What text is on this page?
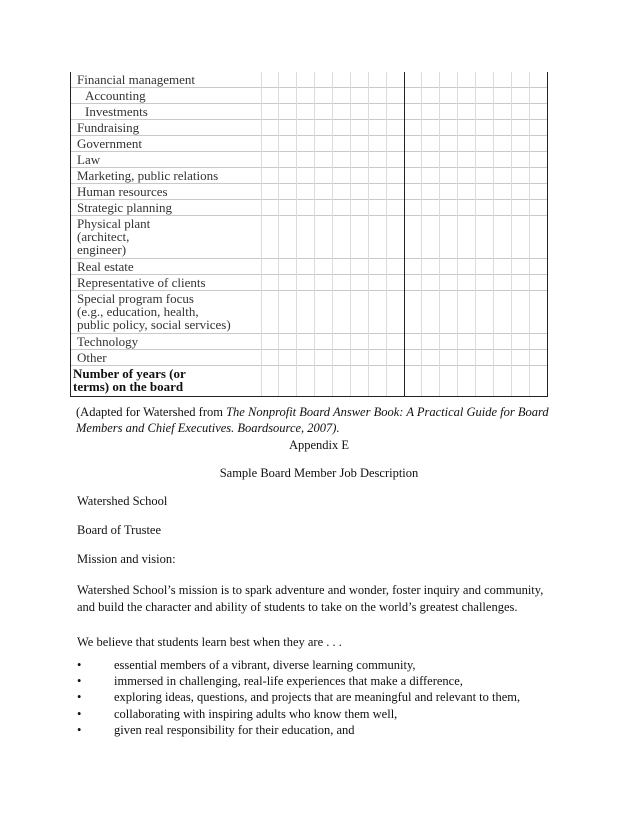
Financial management																
Accounting																
Investments																
Fundraising																
Government																
Law																
Marketing, public relations																
Human resources																
Strategic planning																
Physical plant
(architect,
engineer)																
Real estate																
Representative of clients																
Special program focus
(e.g., education, health,
public policy, social services)																
Technology																
Other																
Number of years (or
terms) on the board																
(Adapted for Watershed from The Nonprofit Board Answer Book: A Practical Guide for Board Members and Chief Executives. Boardsource, 2007).
Appendix E
Sample Board Member Job Description
Watershed School
Board of Trustee
Mission and vision:
Watershed School’s mission is to spark adventure and wonder, foster inquiry and community, and build the character and ability of students to take on the world’s greatest challenges.
We believe that students learn best when they are . . .
•	essential members of a vibrant, diverse learning community,
•	immersed in challenging, real-life experiences that make a difference,
•	exploring ideas, questions, and projects that are meaningful and relevant to them,
•	collaborating with inspiring adults who know them well,
•	given real responsibility for their education, and
